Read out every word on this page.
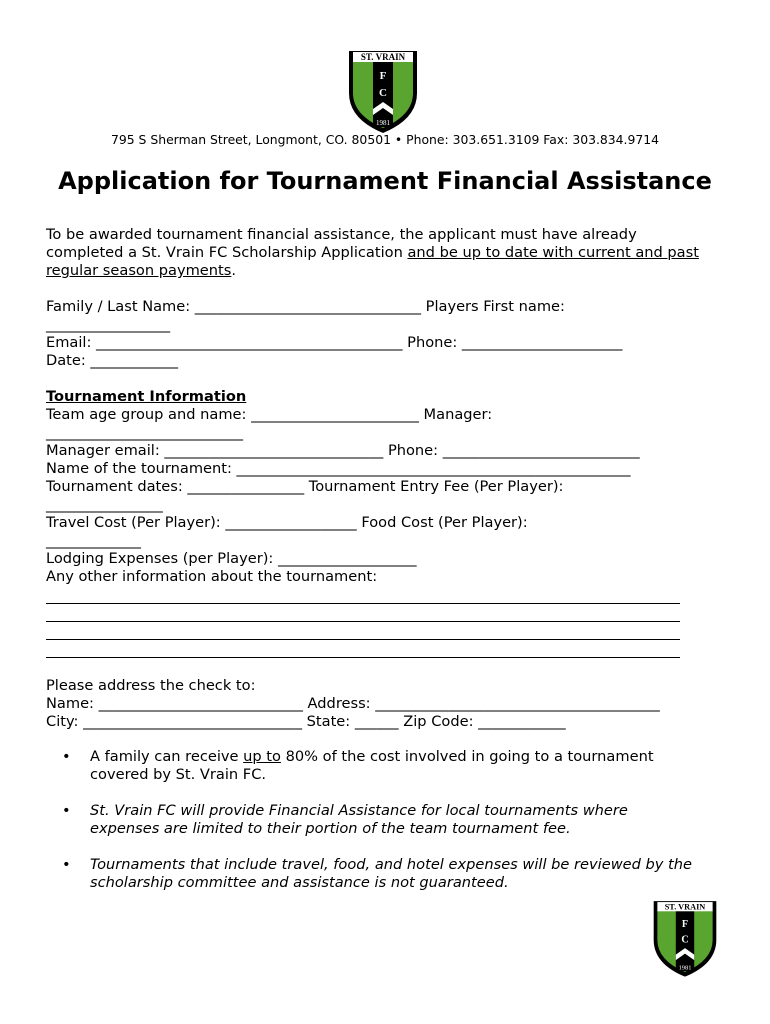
ST. VRAIN
F
C
1981
795 S Sherman Street, Longmont, CO. 80501 • Phone: 303.651.3109 Fax: 303.834.9714
Application for Tournament Financial Assistance
To be awarded tournament financial assistance, the applicant must have already
completed a St. Vrain FC Scholarship Application and be up to date with current and past
regular season payments.
Family / Last Name: _______________________________ Players First name:
_________________
Email: __________________________________________ Phone: ______________________
Date: ____________
Tournament Information
Team age group and name: _______________________ Manager:
___________________________
Manager email: ______________________________ Phone: ___________________________
Name of the tournament: ______________________________________________________
Tournament dates: ________________ Tournament Entry Fee (Per Player):
________________
Travel Cost (Per Player): __________________ Food Cost (Per Player):
_____________
Lodging Expenses (per Player): ___________________
Any other information about the tournament:
Please address the check to:
Name: ____________________________ Address: _______________________________________
City: ______________________________ State: ______ Zip Code: ____________
• A family can receive up to 80% of the cost involved in going to a tournament
covered by St. Vrain FC.
• St. Vrain FC will provide Financial Assistance for local tournaments where
expenses are limited to their portion of the team tournament fee.
• Tournaments that include travel, food, and hotel expenses will be reviewed by the
scholarship committee and assistance is not guaranteed.
ST. VRAIN
F
C
1981
